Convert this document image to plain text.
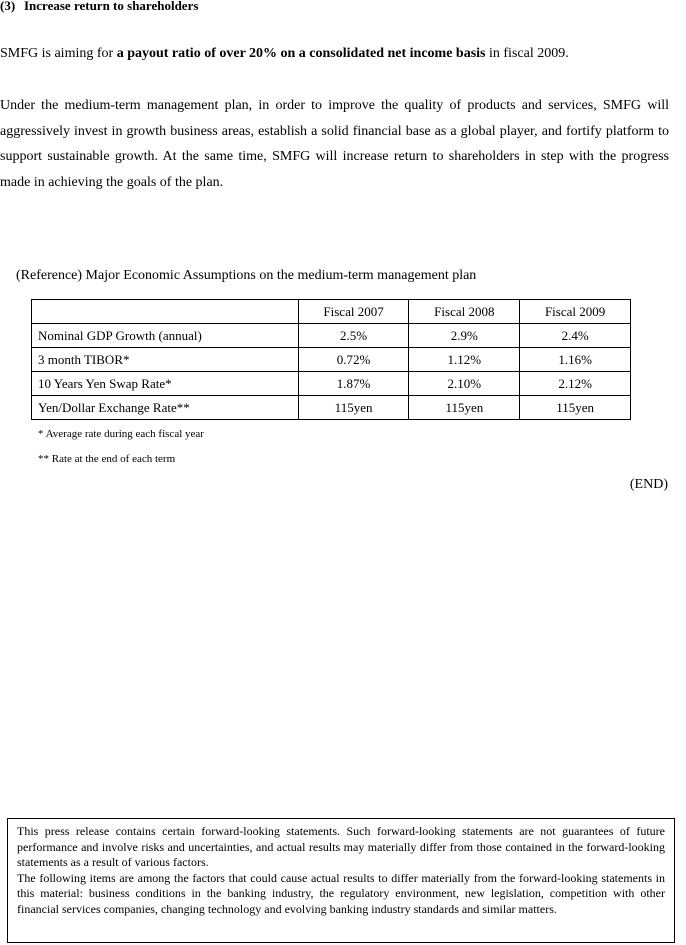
(3) Increase return to shareholders
SMFG is aiming for a payout ratio of over 20% on a consolidated net income basis in fiscal 2009.
Under the medium-term management plan, in order to improve the quality of products and services, SMFG will aggressively invest in growth business areas, establish a solid financial base as a global player, and fortify platform to support sustainable growth. At the same time, SMFG will increase return to shareholders in step with the progress made in achieving the goals of the plan.
(Reference) Major Economic Assumptions on the medium-term management plan
	Fiscal 2007	Fiscal 2008	Fiscal 2009
Nominal GDP Growth (annual)	2.5%	2.9%	2.4%
3 month TIBOR*	0.72%	1.12%	1.16%
10 Years Yen Swap Rate*	1.87%	2.10%	2.12%
Yen/Dollar Exchange Rate**	115yen	115yen	115yen
* Average rate during each fiscal year
** Rate at the end of each term
(END)

This press release contains certain forward-looking statements. Such forward-looking statements are not guarantees of future performance and involve risks and uncertainties, and actual results may materially differ from those contained in the forward-looking statements as a result of various factors.

The following items are among the factors that could cause actual results to differ materially from the forward-looking statements in this material: business conditions in the banking industry, the regulatory environment, new legislation, competition with other financial services companies, changing technology and evolving banking industry standards and similar matters.
